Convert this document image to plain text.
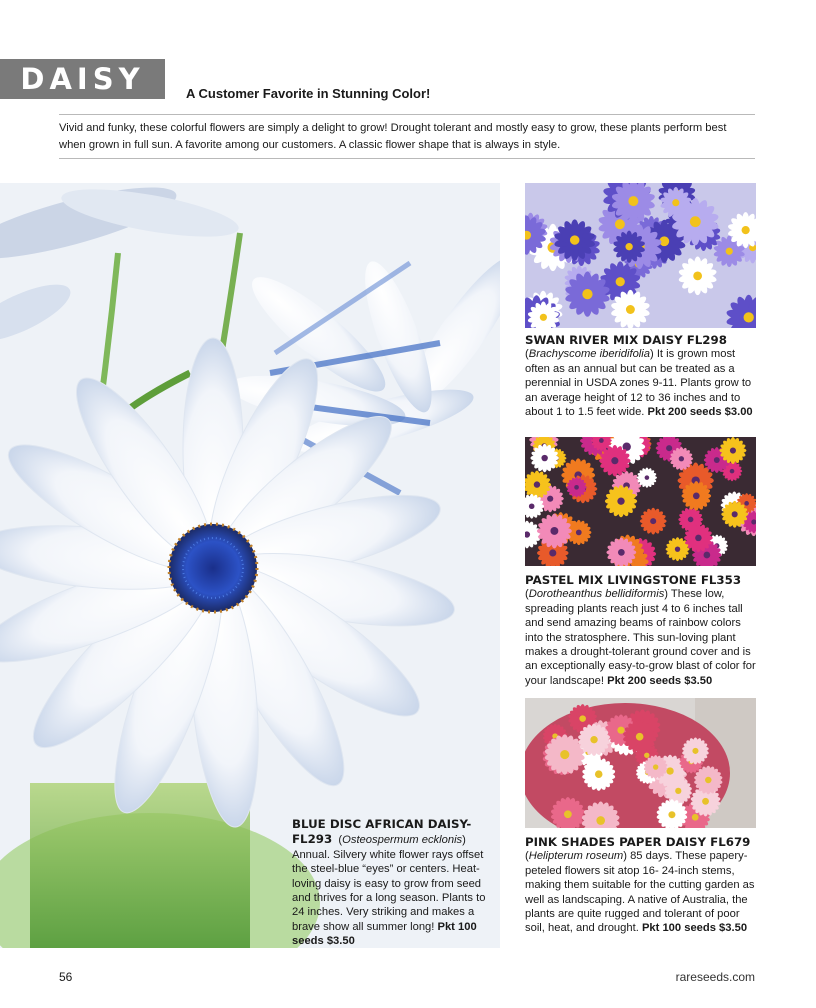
DAISY	A Customer Favorite in Stunning Color!
Vivid and funky, these colorful flowers are simply a delight to grow! Drought tolerant and mostly easy to grow, these plants perform best when grown in full sun. A favorite among our customers. A classic flower shape that is always in style.
BLUE DISC AFRICAN DAISY-FL293  (Osteospermum ecklonis) Annual. Silvery white flower rays offset the steel-blue “eyes” or centers. Heat-loving daisy is easy to grow from seed and thrives for a long season. Plants to 24 inches. Very striking and makes a brave show all summer long! Pkt 100 seeds $3.50
SWAN RIVER MIX DAISY FL298
(Brachyscome iberidifolia) It is grown most often as an annual but can be treated as a perennial in USDA zones 9-11. Plants grow to an average height of 12 to 36 inches and to about 1 to 1.5 feet wide. Pkt 200 seeds $3.00
PASTEL MIX LIVINGSTONE FL353
(Dorotheanthus bellidiformis) These low, spreading plants reach just 4 to 6 inches tall and send amazing beams of rainbow colors into the stratosphere. This sun-loving plant makes a drought-tolerant ground cover and is an exceptionally easy-to-grow blast of color for your landscape! Pkt 200 seeds $3.50
PINK SHADES PAPER DAISY FL679
(Helipterum roseum) 85 days. These papery-peteled flowers sit atop 16- 24-inch stems, making them suitable for the cutting garden as well as landscaping. A native of Australia, the plants are quite rugged and tolerant of poor soil, heat, and drought. Pkt 100 seeds $3.50
56	rareseeds.com
